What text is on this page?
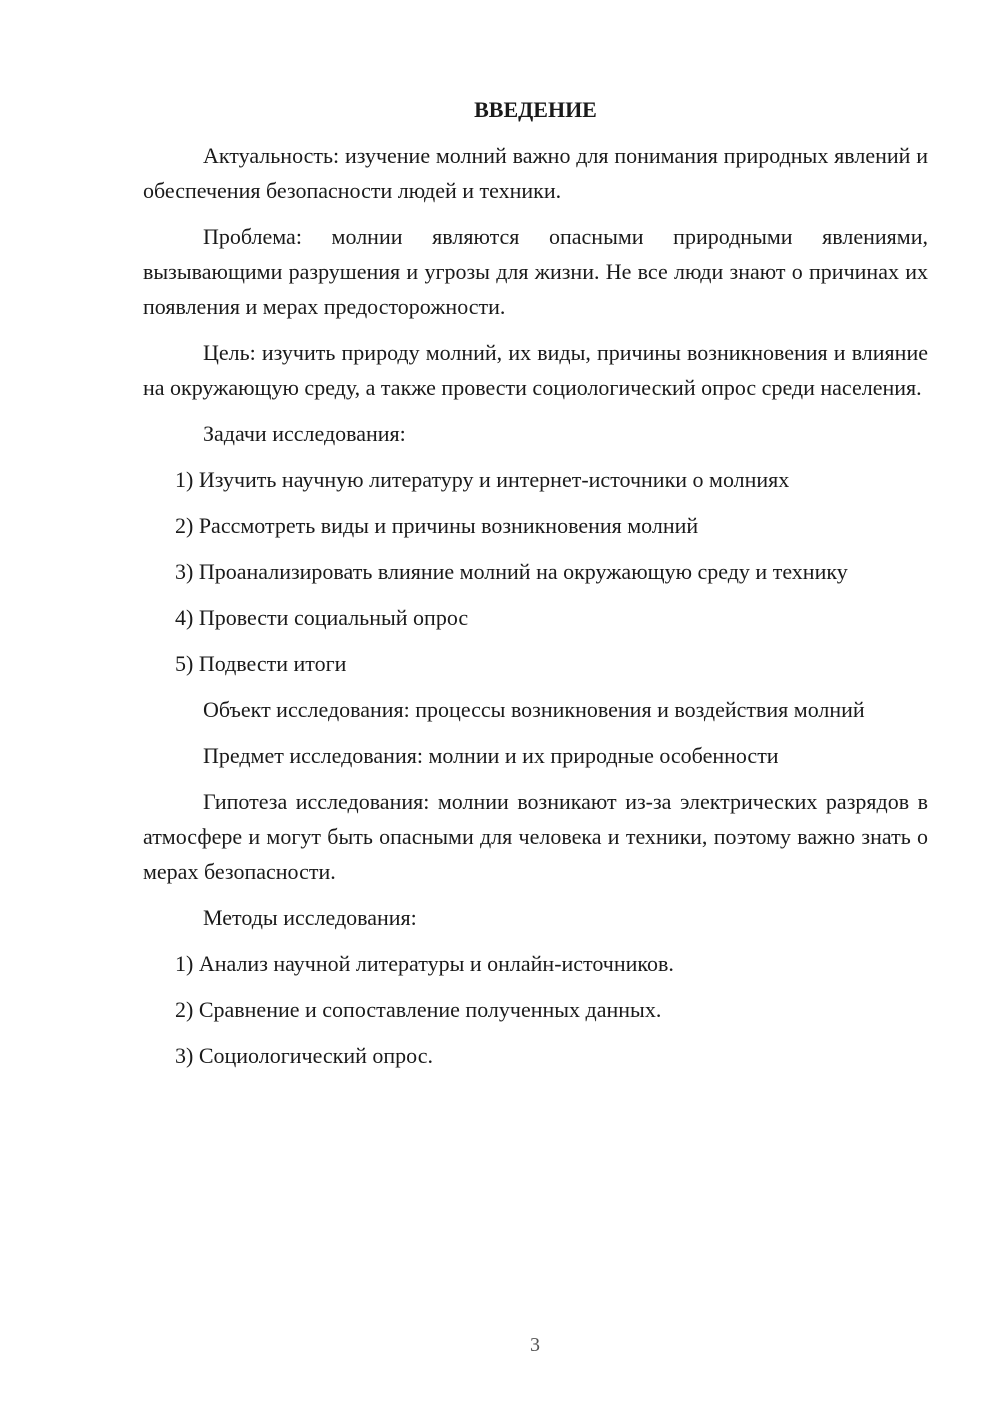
ВВЕДЕНИЕ

Актуальность: изучение молний важно для понимания природных явлений и обеспечения безопасности людей и техники.

Проблема: молнии являются опасными природными явлениями, вызывающими разрушения и угрозы для жизни. Не все люди знают о причинах их появления и мерах предосторожности.

Цель: изучить природу молний, их виды, причины возникновения и влияние на окружающую среду, а также провести социологический опрос среди населения.

Задачи исследования:

1) Изучить научную литературу и интернет-источники о молниях

2) Рассмотреть виды и причины возникновения молний

3) Проанализировать влияние молний на окружающую среду и технику

4) Провести социальный опрос

5) Подвести итоги

Объект исследования: процессы возникновения и воздействия молний

Предмет исследования: молнии и их природные особенности

Гипотеза исследования: молнии возникают из-за электрических разрядов в атмосфере и могут быть опасными для человека и техники, поэтому важно знать о мерах безопасности.

Методы исследования:

1) Анализ научной литературы и онлайн-источников.

2) Сравнение и сопоставление полученных данных.

3) Социологический опрос.

3
